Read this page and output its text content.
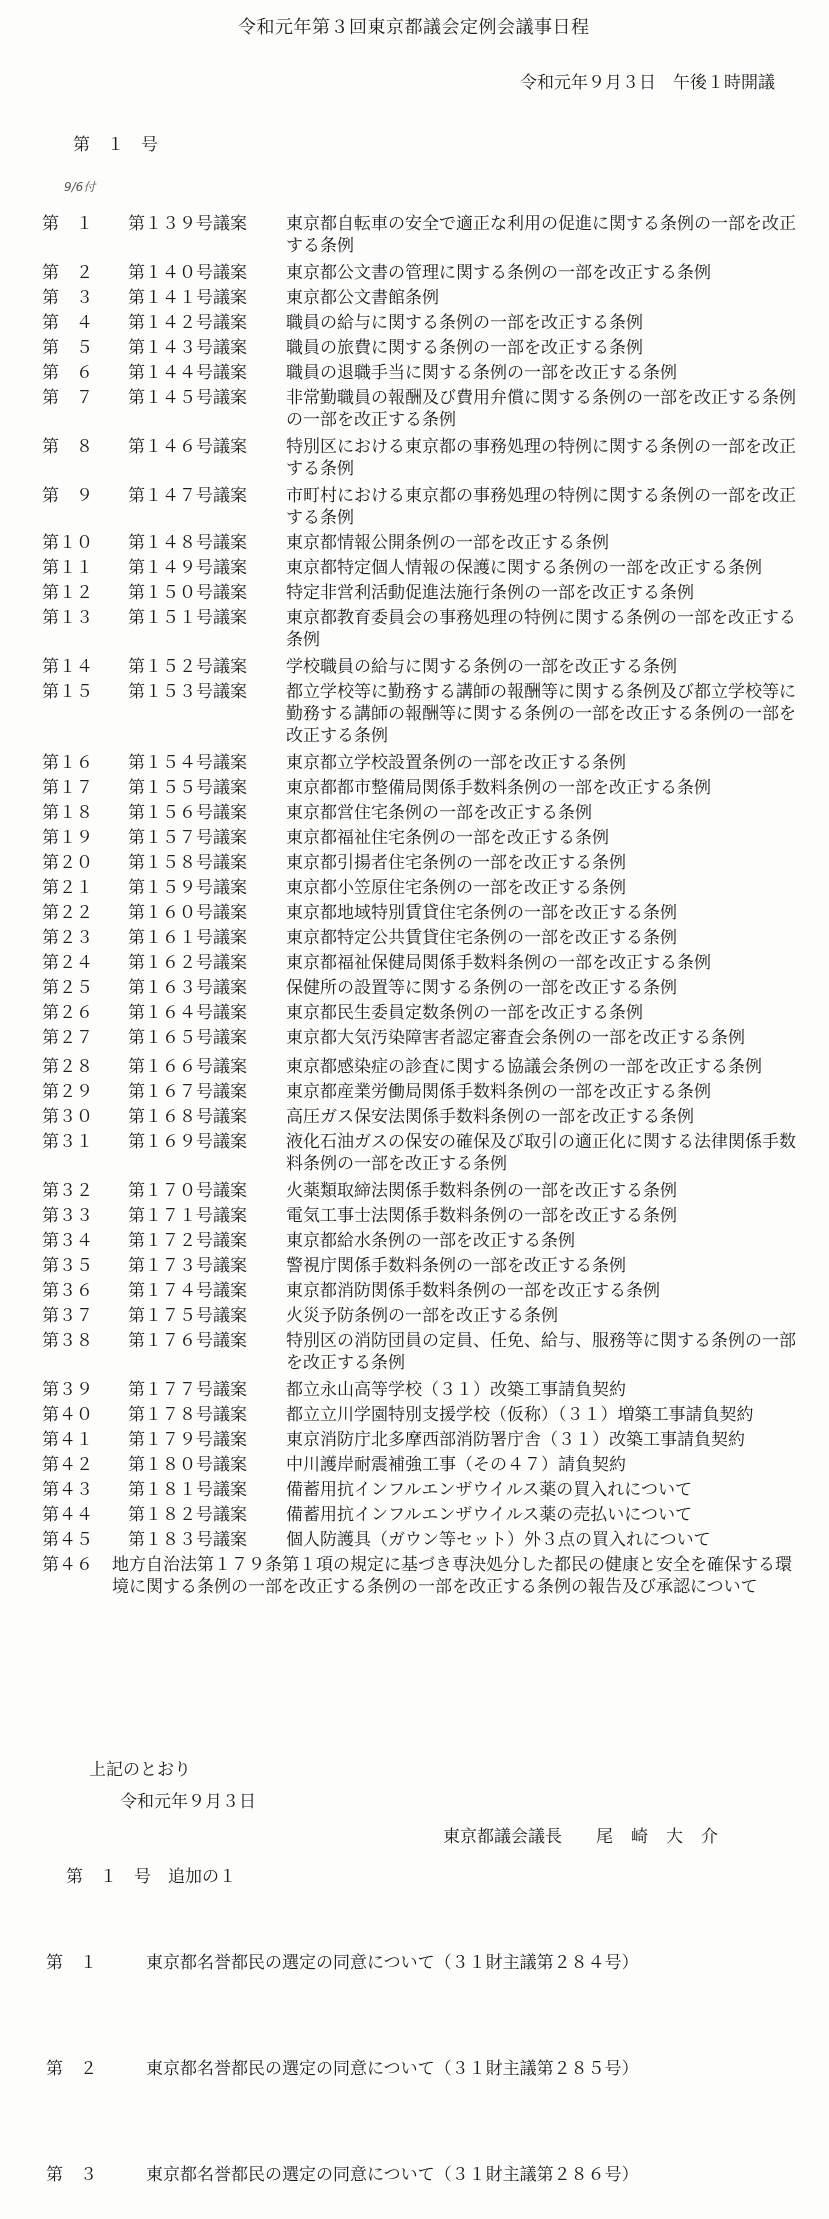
令和元年第３回東京都議会定例会議事日程
令和元年９月３日　午後１時開議
第　１　号
9/6付
第　１	第１３９号議案	東京都自転車の安全で適正な利用の促進に関する条例の一部を改正する条例
第　２	第１４０号議案	東京都公文書の管理に関する条例の一部を改正する条例
第　３	第１４１号議案	東京都公文書館条例
第　４	第１４２号議案	職員の給与に関する条例の一部を改正する条例
第　５	第１４３号議案	職員の旅費に関する条例の一部を改正する条例
第　６	第１４４号議案	職員の退職手当に関する条例の一部を改正する条例
第　７	第１４５号議案	非常勤職員の報酬及び費用弁償に関する条例の一部を改正する条例の一部を改正する条例
第　８	第１４６号議案	特別区における東京都の事務処理の特例に関する条例の一部を改正する条例
第　９	第１４７号議案	市町村における東京都の事務処理の特例に関する条例の一部を改正する条例
第１０	第１４８号議案	東京都情報公開条例の一部を改正する条例
第１１	第１４９号議案	東京都特定個人情報の保護に関する条例の一部を改正する条例
第１２	第１５０号議案	特定非営利活動促進法施行条例の一部を改正する条例
第１３	第１５１号議案	東京都教育委員会の事務処理の特例に関する条例の一部を改正する条例
第１４	第１５２号議案	学校職員の給与に関する条例の一部を改正する条例
第１５	第１５３号議案	都立学校等に勤務する講師の報酬等に関する条例及び都立学校等に勤務する講師の報酬等に関する条例の一部を改正する条例の一部を改正する条例
第１６	第１５４号議案	東京都立学校設置条例の一部を改正する条例
第１７	第１５５号議案	東京都都市整備局関係手数料条例の一部を改正する条例
第１８	第１５６号議案	東京都営住宅条例の一部を改正する条例
第１９	第１５７号議案	東京都福祉住宅条例の一部を改正する条例
第２０	第１５８号議案	東京都引揚者住宅条例の一部を改正する条例
第２１	第１５９号議案	東京都小笠原住宅条例の一部を改正する条例
第２２	第１６０号議案	東京都地域特別賃貸住宅条例の一部を改正する条例
第２３	第１６１号議案	東京都特定公共賃貸住宅条例の一部を改正する条例
第２４	第１６２号議案	東京都福祉保健局関係手数料条例の一部を改正する条例
第２５	第１６３号議案	保健所の設置等に関する条例の一部を改正する条例
第２６	第１６４号議案	東京都民生委員定数条例の一部を改正する条例
第２７	第１６５号議案	東京都大気汚染障害者認定審査会条例の一部を改正する条例
第２８	第１６６号議案	東京都感染症の診査に関する協議会条例の一部を改正する条例
第２９	第１６７号議案	東京都産業労働局関係手数料条例の一部を改正する条例
第３０	第１６８号議案	高圧ガス保安法関係手数料条例の一部を改正する条例
第３１	第１６９号議案	液化石油ガスの保安の確保及び取引の適正化に関する法律関係手数料条例の一部を改正する条例
第３２	第１７０号議案	火薬類取締法関係手数料条例の一部を改正する条例
第３３	第１７１号議案	電気工事士法関係手数料条例の一部を改正する条例
第３４	第１７２号議案	東京都給水条例の一部を改正する条例
第３５	第１７３号議案	警視庁関係手数料条例の一部を改正する条例
第３６	第１７４号議案	東京都消防関係手数料条例の一部を改正する条例
第３７	第１７５号議案	火災予防条例の一部を改正する条例
第３８	第１７６号議案	特別区の消防団員の定員、任免、給与、服務等に関する条例の一部を改正する条例
第３９	第１７７号議案	都立永山高等学校（３１）改築工事請負契約
第４０	第１７８号議案	都立立川学園特別支援学校（仮称）（３１）増築工事請負契約
第４１	第１７９号議案	東京消防庁北多摩西部消防署庁舎（３１）改築工事請負契約
第４２	第１８０号議案	中川護岸耐震補強工事（その４７）請負契約
第４３	第１８１号議案	備蓄用抗インフルエンザウイルス薬の買入れについて
第４４	第１８２号議案	備蓄用抗インフルエンザウイルス薬の売払いについて
第４５	第１８３号議案	個人防護具（ガウン等セット）外３点の買入れについて
第４６	地方自治法第１７９条第１項の規定に基づき専決処分した都民の健康と安全を確保する環境に関する条例の一部を改正する条例の一部を改正する条例の報告及び承認について
上記のとおり
令和元年９月３日
東京都議会議長 尾崎大介
第　１　号　追加の１
第　１	東京都名誉都民の選定の同意について（３１財主議第２８４号）
第　２	東京都名誉都民の選定の同意について（３１財主議第２８５号）
第　３	東京都名誉都民の選定の同意について（３１財主議第２８６号）
